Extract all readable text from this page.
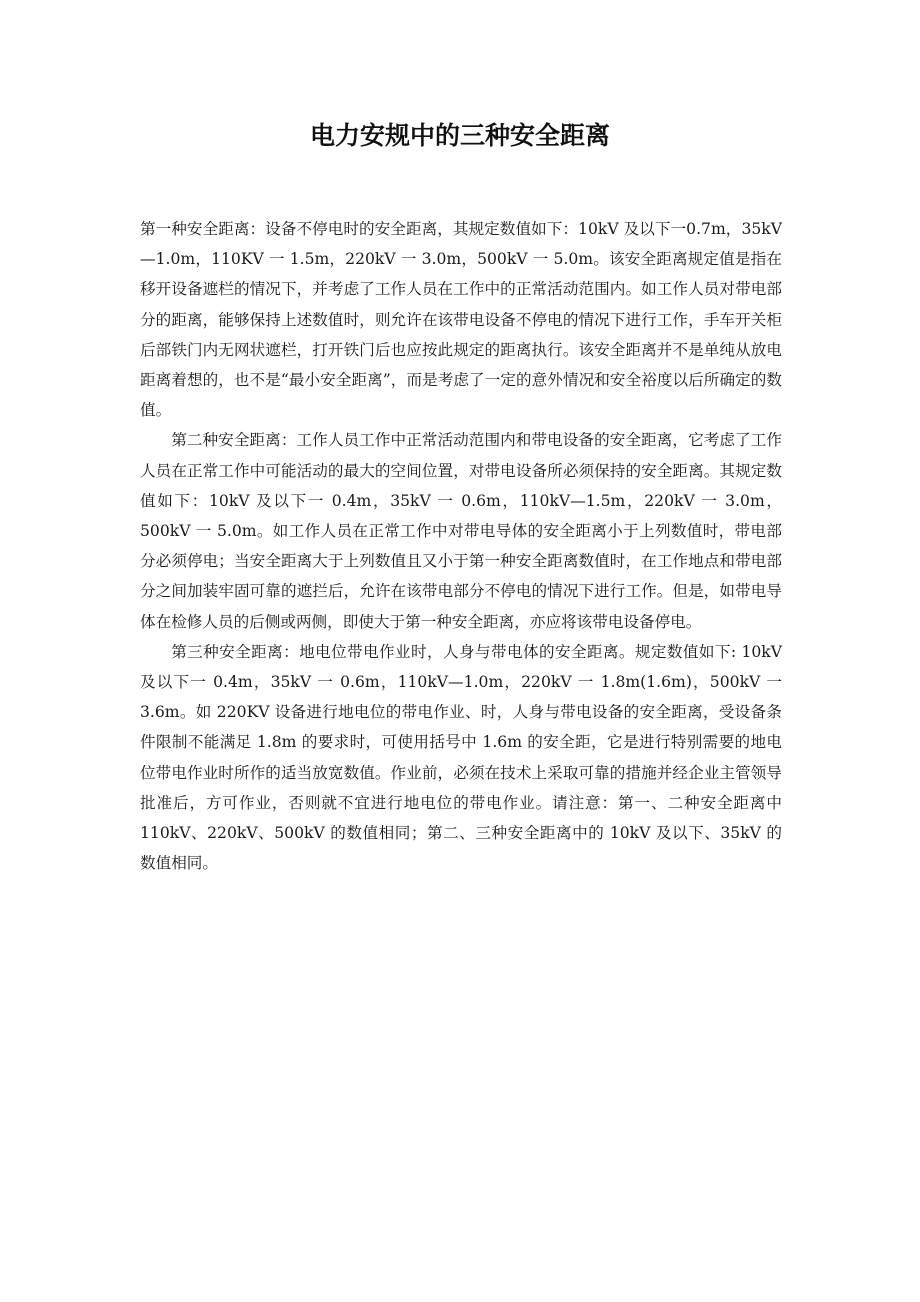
电力安规中的三种安全距离

第一种安全距离：设备不停电时的安全距离，其规定数值如下：10kV 及以下一0.7m，35kV—1.0m，110KV 一 1.5m，220kV 一 3.0m，500kV 一 5.0m。该安全距离规定值是指在移开设备遮栏的情况下，并考虑了工作人员在工作中的正常活动范围内。如工作人员对带电部分的距离，能够保持上述数值时，则允许在该带电设备不停电的情况下进行工作，手车开关柜后部铁门内无网状遮栏，打开铁门后也应按此规定的距离执行。该安全距离并不是单纯从放电距离着想的，也不是“最小安全距离”，而是考虑了一定的意外情况和安全裕度以后所确定的数值。

第二种安全距离：工作人员工作中正常活动范围内和带电设备的安全距离，它考虑了工作人员在正常工作中可能活动的最大的空间位置，对带电设备所必须保持的安全距离。其规定数值如下：10kV 及以下一 0.4m，35kV 一 0.6m，110kV—1.5m，220kV 一 3.0m，500kV 一 5.0m。如工作人员在正常工作中对带电导体的安全距离小于上列数值时，带电部分必须停电；当安全距离大于上列数值且又小于第一种安全距离数值时，在工作地点和带电部分之间加装牢固可靠的遮拦后，允许在该带电部分不停电的情况下进行工作。但是，如带电导体在检修人员的后侧或两侧，即使大于第一种安全距离，亦应将该带电设备停电。

第三种安全距离：地电位带电作业时，人身与带电体的安全距离。规定数值如下: 10kV 及以下一 0.4m，35kV 一 0.6m，110kV—1.0m，220kV 一 1.8m(1.6m)，500kV 一 3.6m。如 220KV 设备进行地电位的带电作业、时，人身与带电设备的安全距离，受设备条件限制不能满足 1.8m 的要求时，可使用括号中 1.6m 的安全距，它是进行特别需要的地电位带电作业时所作的适当放宽数值。作业前，必须在技术上采取可靠的措施并经企业主管领导批准后，方可作业，否则就不宜进行地电位的带电作业。请注意：第一、二种安全距离中 110kV、220kV、500kV 的数值相同；第二、三种安全距离中的 10kV 及以下、35kV 的数值相同。
